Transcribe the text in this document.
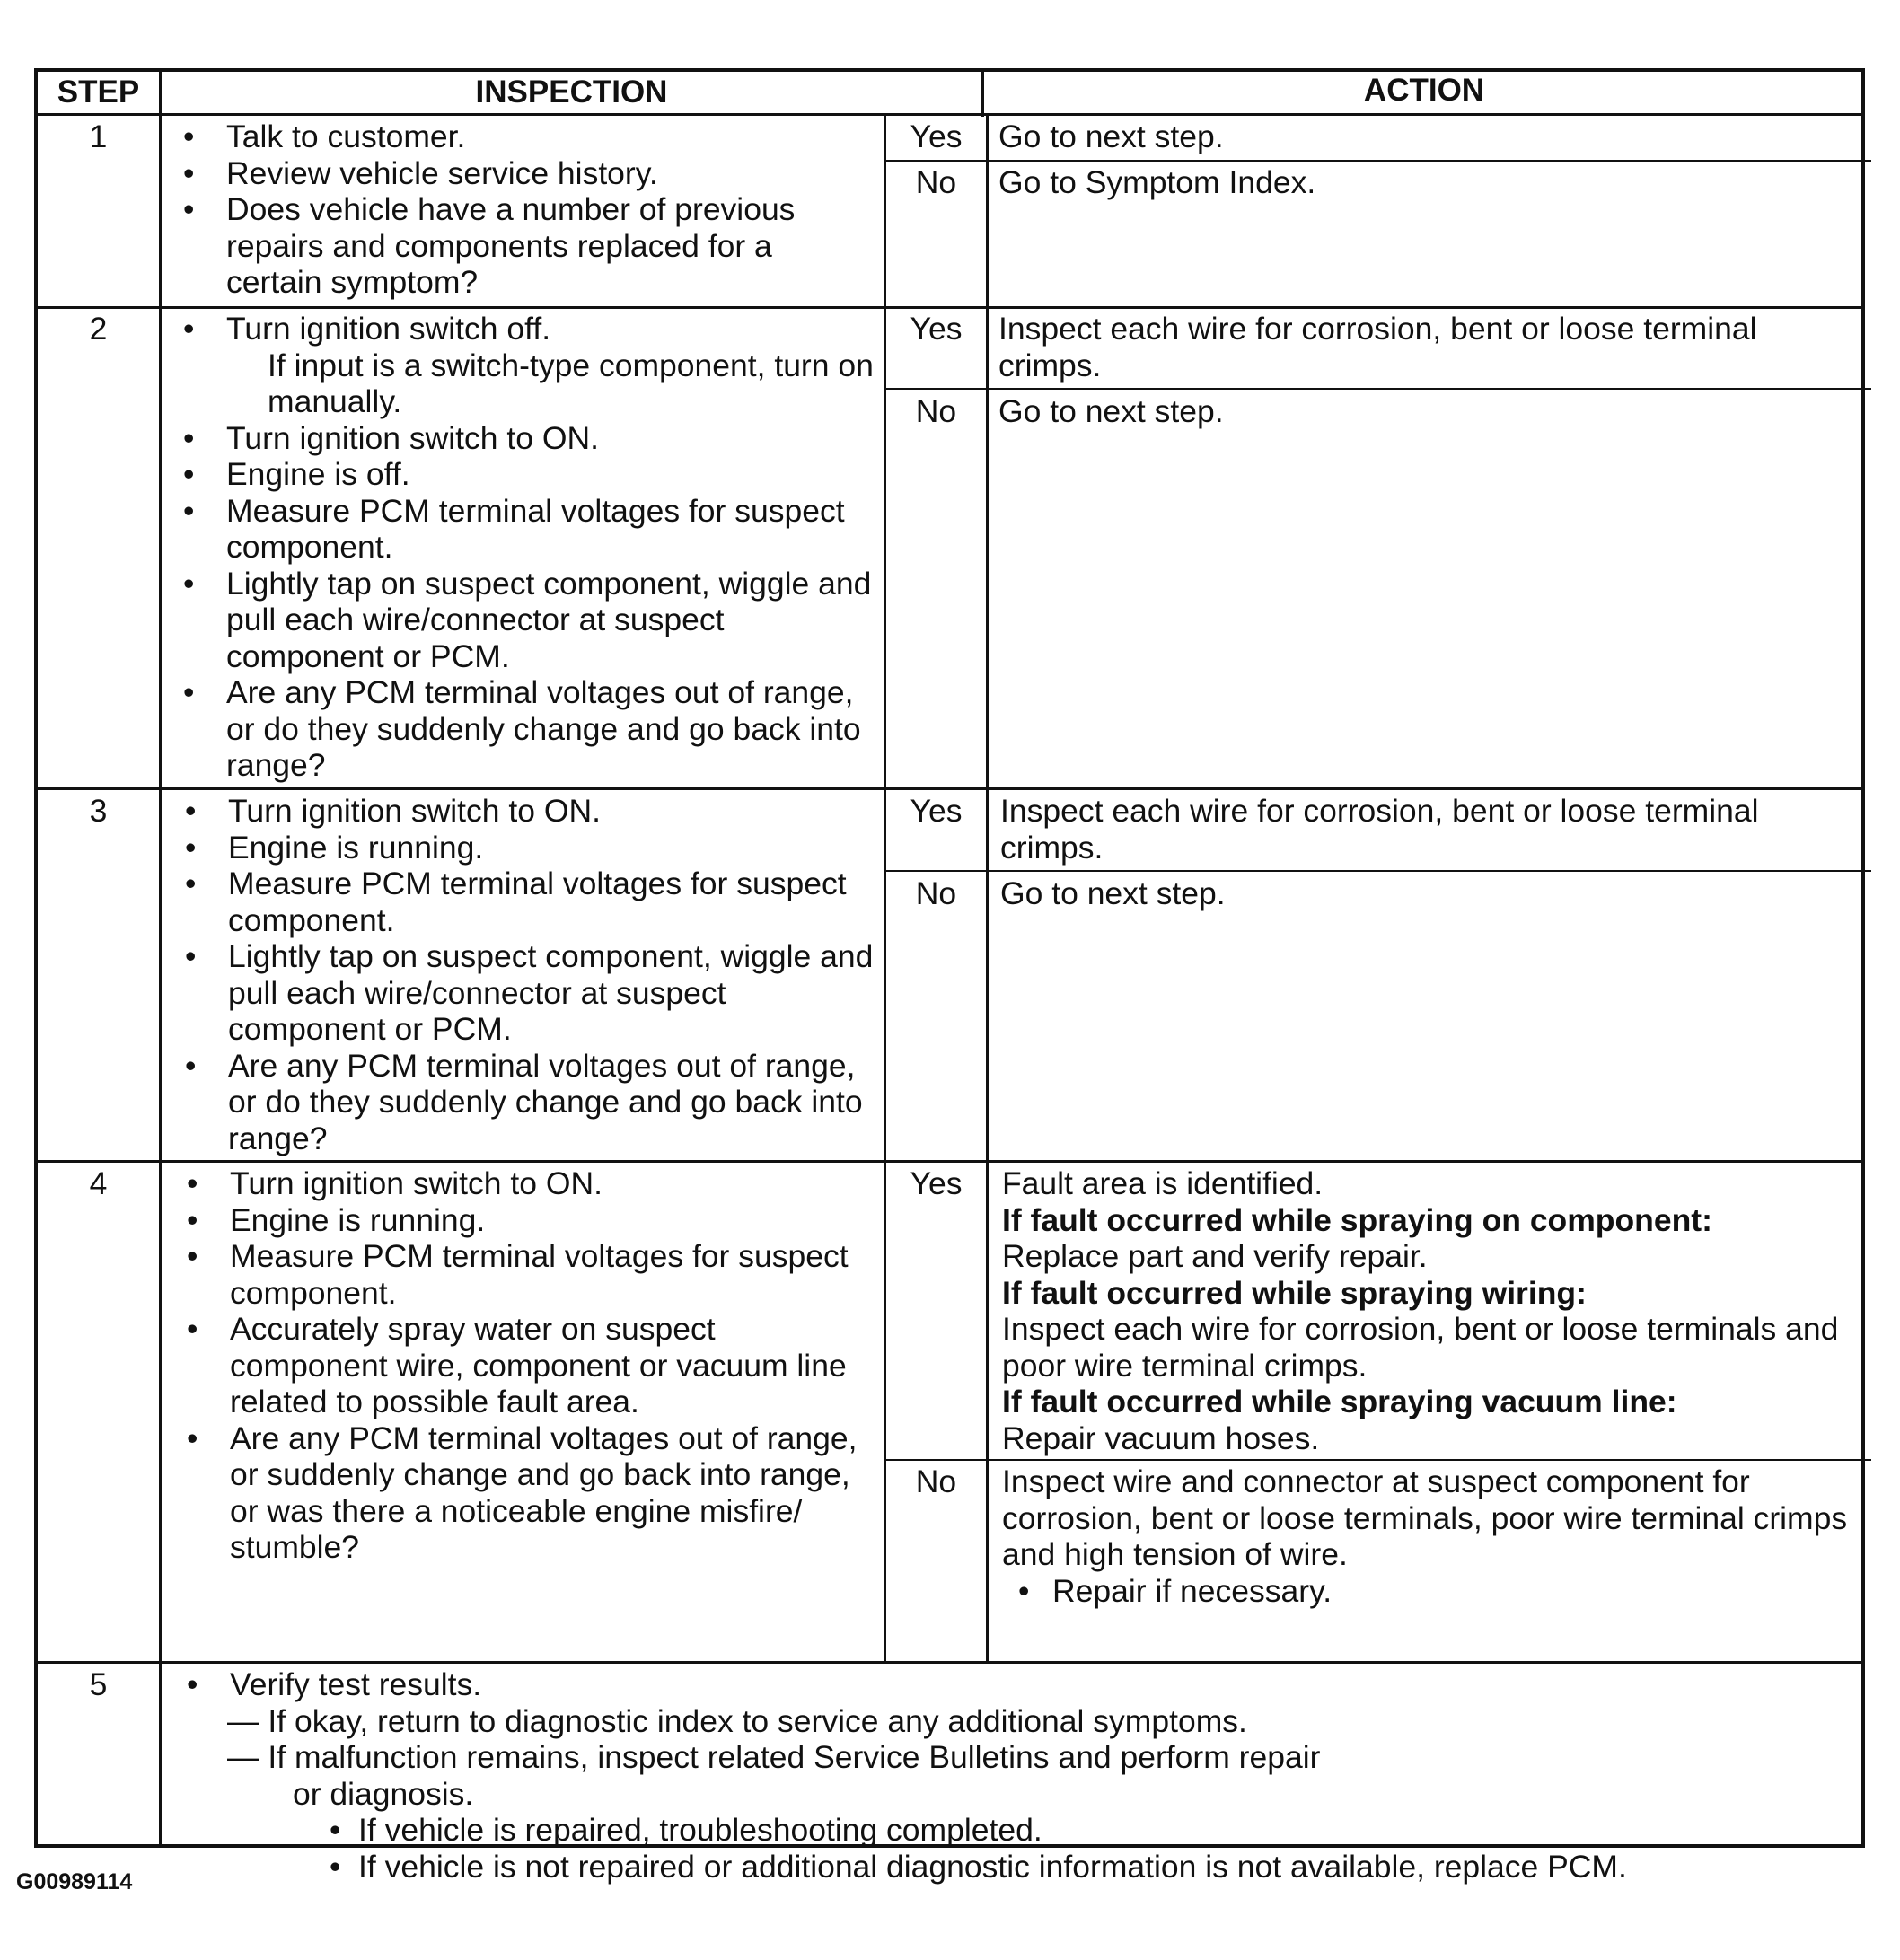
STEP	INSPECTION	ACTION
1	• Talk to customer.
• Review vehicle service history.
• Does vehicle have a number of previous repairs and components replaced for a certain symptom?
Yes	Go to next step.
No	Go to Symptom Index.
2	• Turn ignition switch off.
If input is a switch-type component, turn on manually.
• Turn ignition switch to ON.
• Engine is off.
• Measure PCM terminal voltages for suspect component.
• Lightly tap on suspect component, wiggle and pull each wire/connector at suspect component or PCM.
• Are any PCM terminal voltages out of range, or do they suddenly change and go back into range?
Yes	Inspect each wire for corrosion, bent or loose terminal crimps.
No	Go to next step.
3	• Turn ignition switch to ON.
• Engine is running.
• Measure PCM terminal voltages for suspect component.
• Lightly tap on suspect component, wiggle and pull each wire/connector at suspect component or PCM.
• Are any PCM terminal voltages out of range, or do they suddenly change and go back into range?
Yes	Inspect each wire for corrosion, bent or loose terminal crimps.
No	Go to next step.
4	• Turn ignition switch to ON.
• Engine is running.
• Measure PCM terminal voltages for suspect component.
• Accurately spray water on suspect component wire, component or vacuum line related to possible fault area.
• Are any PCM terminal voltages out of range, or suddenly change and go back into range, or was there a noticeable engine misfire/ stumble?
Yes	Fault area is identified.
If fault occurred while spraying on component:
Replace part and verify repair.
If fault occurred while spraying wiring:
Inspect each wire for corrosion, bent or loose terminals and poor wire terminal crimps.
If fault occurred while spraying vacuum line:
Repair vacuum hoses.
No	Inspect wire and connector at suspect component for corrosion, bent or loose terminals, poor wire terminal crimps and high tension of wire.
• Repair if necessary.
5	• Verify test results.
— If okay, return to diagnostic index to service any additional symptoms.
— If malfunction remains, inspect related Service Bulletins and perform repair
or diagnosis.
• If vehicle is repaired, troubleshooting completed.
• If vehicle is not repaired or additional diagnostic information is not available, replace PCM.
G00989114
